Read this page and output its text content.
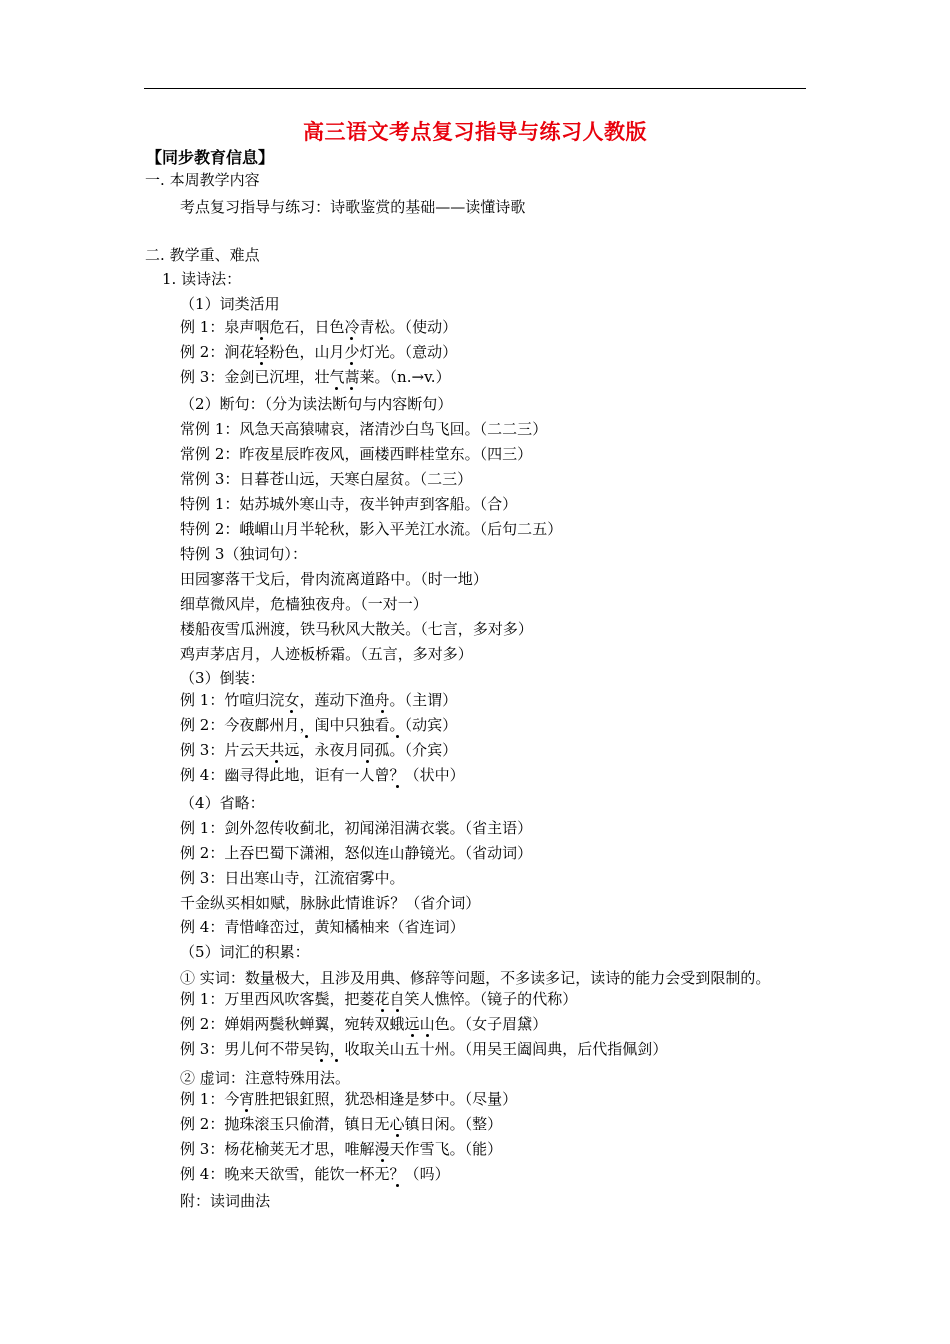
高三语文考点复习指导与练习人教版
【同步教育信息】
一. 本周教学内容
考点复习指导与练习：诗歌鉴赏的基础——读懂诗歌
二. 教学重、难点
1. 读诗法：
（1）词类活用
例 1：泉声咽危石，日色冷青松。（使动）
例 2：涧花轻粉色，山月少灯光。（意动）
例 3：金剑已沉埋，壮气蒿莱。（n.→v.）
（2）断句：（分为读法断句与内容断句）
常例 1：风急天高猿啸哀，渚清沙白鸟飞回。（二二三）
常例 2：昨夜星辰昨夜风，画楼西畔桂堂东。（四三）
常例 3：日暮苍山远，天寒白屋贫。（二三）
特例 1：姑苏城外寒山寺，夜半钟声到客船。（合）
特例 2：峨嵋山月半轮秋，影入平羌江水流。（后句二五）
特例 3（独词句）：
田园寥落干戈后，骨肉流离道路中。（时一地）
细草微风岸，危樯独夜舟。（一对一）
楼船夜雪瓜洲渡，铁马秋风大散关。（七言，多对多）
鸡声茅店月，人迹板桥霜。（五言，多对多）
（3）倒装：
例 1：竹喧归浣女，莲动下渔舟。（主谓）
例 2：今夜鄜州月，闺中只独看。（动宾）
例 3：片云天共远，永夜月同孤。（介宾）
例 4：幽寻得此地，讵有一人曾？（状中）
（4）省略：
例 1：剑外忽传收蓟北，初闻涕泪满衣裳。（省主语）
例 2：上吞巴蜀下潇湘，怒似连山静镜光。（省动词）
例 3：日出寒山寺，江流宿雾中。
千金纵买相如赋，脉脉此情谁诉？（省介词）
例 4：青惜峰峦过，黄知橘柚来（省连词）
（5）词汇的积累：
① 实词：数量极大，且涉及用典、修辞等问题，不多读多记，读诗的能力会受到限制的。
例 1：万里西风吹客鬓，把菱花自笑人憔悴。（镜子的代称）
例 2：婵娟两鬓秋蝉翼，宛转双蛾远山色。（女子眉黛）
例 3：男儿何不带吴钩，收取关山五十州。（用吴王阖闾典，后代指佩剑）
② 虚词：注意特殊用法。
例 1：今宵胜把银釭照，犹恐相逢是梦中。（尽量）
例 2：抛珠滚玉只偷潸，镇日无心镇日闲。（整）
例 3：杨花榆荚无才思，唯解漫天作雪飞。（能）
例 4：晚来天欲雪，能饮一杯无？（吗）
附：读词曲法
